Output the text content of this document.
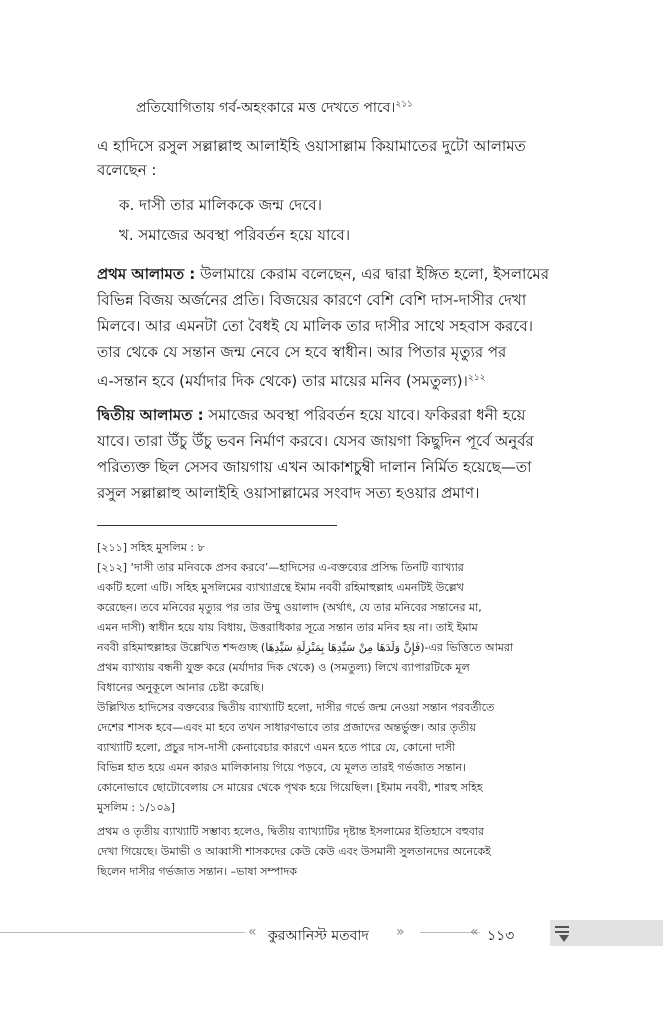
প্রতিযোগিতায় গর্ব-অহংকারে মত্ত দেখতে পাবে।$^{২১১}$
এ হাদিসে রসুল সল্লাল্লাহু আলাইহি ওয়াসাল্লাম কিয়ামাতের দুটো আলামত
বলেছেন :
ক. দাসী তার মালিককে জন্ম দেবে।
খ. সমাজের অবস্থা পরিবর্তন হয়ে যাবে।
প্রথম আলামত : উলামায়ে কেরাম বলেছেন, এর দ্বারা ইঙ্গিত হলো, ইসলামের
বিভিন্ন বিজয় অর্জনের প্রতি। বিজয়ের কারণে বেশি বেশি দাস-দাসীর দেখা
মিলবে। আর এমনটা তো বৈধই যে মালিক তার দাসীর সাথে সহবাস করবে।
তার থেকে যে সন্তান জন্ম নেবে সে হবে স্বাধীন। আর পিতার মৃত্যুর পর
এ-সন্তান হবে (মর্যাদার দিক থেকে) তার মায়ের মনিব (সমতুল্য)।$^{২১২}$
দ্বিতীয় আলামত : সমাজের অবস্থা পরিবর্তন হয়ে যাবে। ফকিররা ধনী হয়ে
যাবে। তারা উঁচু উঁচু ভবন নির্মাণ করবে। যেসব জায়গা কিছুদিন পূর্বে অনুর্বর
পরিত্যক্ত ছিল সেসব জায়গায় এখন আকাশচুম্বী দালান নির্মিত হয়েছে—তা
রসুল সল্লাল্লাহু আলাইহি ওয়াসাল্লামের সংবাদ সত্য হওয়ার প্রমাণ।
[২১১] সহিহ মুসলিম : ৮
[২১২] ‘দাসী তার মনিবকে প্রসব করবে’—হাদিসের এ-বক্তব্যের প্রসিদ্ধ তিনটি ব্যাখ্যার
একটি হলো এটি। সহিহ মুসলিমের ব্যাখ্যাগ্রন্থে ইমাম নববী রহিমাহুল্লাহ এমনটিই উল্লেখ
করেছেন। তবে মনিবের মৃত্যুর পর তার উম্মু ওয়ালাদ (অর্থাৎ, যে তার মনিবের সন্তানের মা,
এমন দাসী) স্বাধীন হয়ে যায় বিধায়, উত্তরাধিকার সূত্রে সন্তান তার মনিব হয় না। তাই ইমাম
নববী রহিমাহুল্লাহর উল্লেখিত শব্দগুচ্ছ (فَإِنَّ وَلَدَهَا مِنْ سَيِّدِهَا بِمَنْزِلَةِ سَيِّدِهَا)-এর ভিত্তিতে আমরা
প্রথম ব্যাখ্যায় বন্ধনী যুক্ত করে (মর্যাদার দিক থেকে) ও (সমতুল্য) লিখে ব্যাপারটিকে মূল
বিধানের অনুকূলে আনার চেষ্টা করেছি।
উল্লিখিত হাদিসের বক্তব্যের দ্বিতীয় ব্যাখ্যাটি হলো, দাসীর গর্ভে জন্ম নেওয়া সন্তান পরবর্তীতে
দেশের শাসক হবে—এবং মা হবে তখন সাধারণভাবে তার প্রজাদের অন্তর্ভুক্ত। আর তৃতীয়
ব্যাখ্যাটি হলো, প্রচুর দাস-দাসী কেনাবেচার কারণে এমন হতে পারে যে, কোনো দাসী
বিভিন্ন হাত হয়ে এমন কারও মালিকানায় গিয়ে পড়বে, যে মূলত তারই গর্ভজাত সন্তান।
কোনোভাবে ছোটোবেলায় সে মায়ের থেকে পৃথক হয়ে গিয়েছিল। [ইমাম নববী, শারহু সহিহ
মুসলিম : ১/১০৯]
প্রথম ও তৃতীয় ব্যাখ্যাটি সম্ভাব্য হলেও, দ্বিতীয় ব্যাখ্যাটির দৃষ্টান্ত ইসলামের ইতিহাসে বহুবার
দেখা গিয়েছে। উমাভী ও আব্বাসী শাসকদের কেউ কেউ এবং উসমানী সুলতানদের অনেকেই
ছিলেন দাসীর গর্ভজাত সন্তান। –ভাষা সম্পাদক
« কুরআনিস্ট মতবাদ »	« ১১৩
